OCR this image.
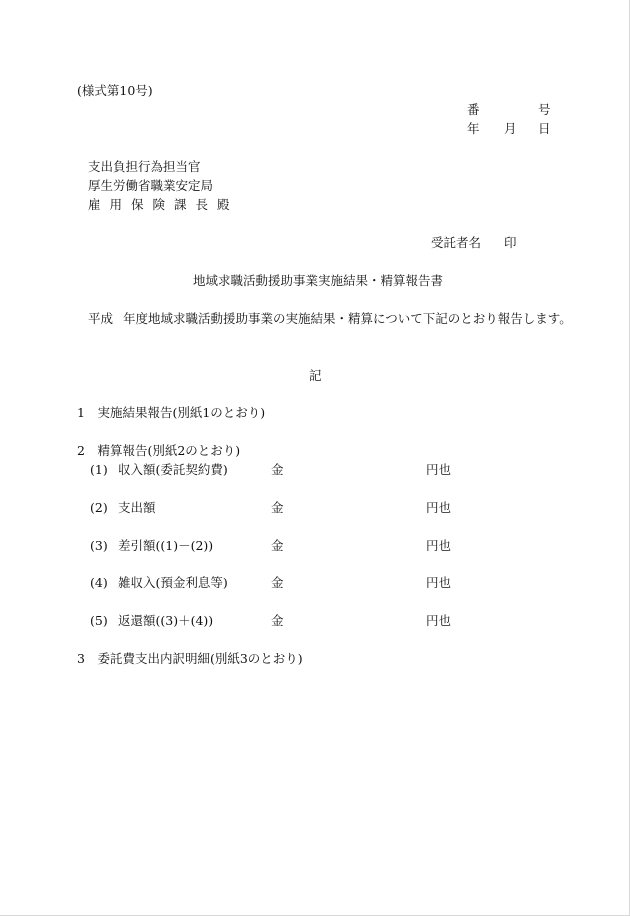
(様式第10号)
番	号
年 月 日
支出負担行為担当官
厚生労働省職業安定局
雇用保険課長殿
受託者名 印
地域求職活動援助事業実施結果・精算報告書
平成 年度地域求職活動援助事業の実施結果・精算について下記のとおり報告します。
記
1　実施結果報告(別紙1のとおり)
2　精算報告(別紙2のとおり)
(1) 収入額(委託契約費)	金	円也
(2) 支出額	金	円也
(3) 差引額((1)－(2))	金	円也
(4) 雑収入(預金利息等)	金	円也
(5) 返還額((3)＋(4))	金	円也
3　委託費支出内訳明細(別紙3のとおり)
